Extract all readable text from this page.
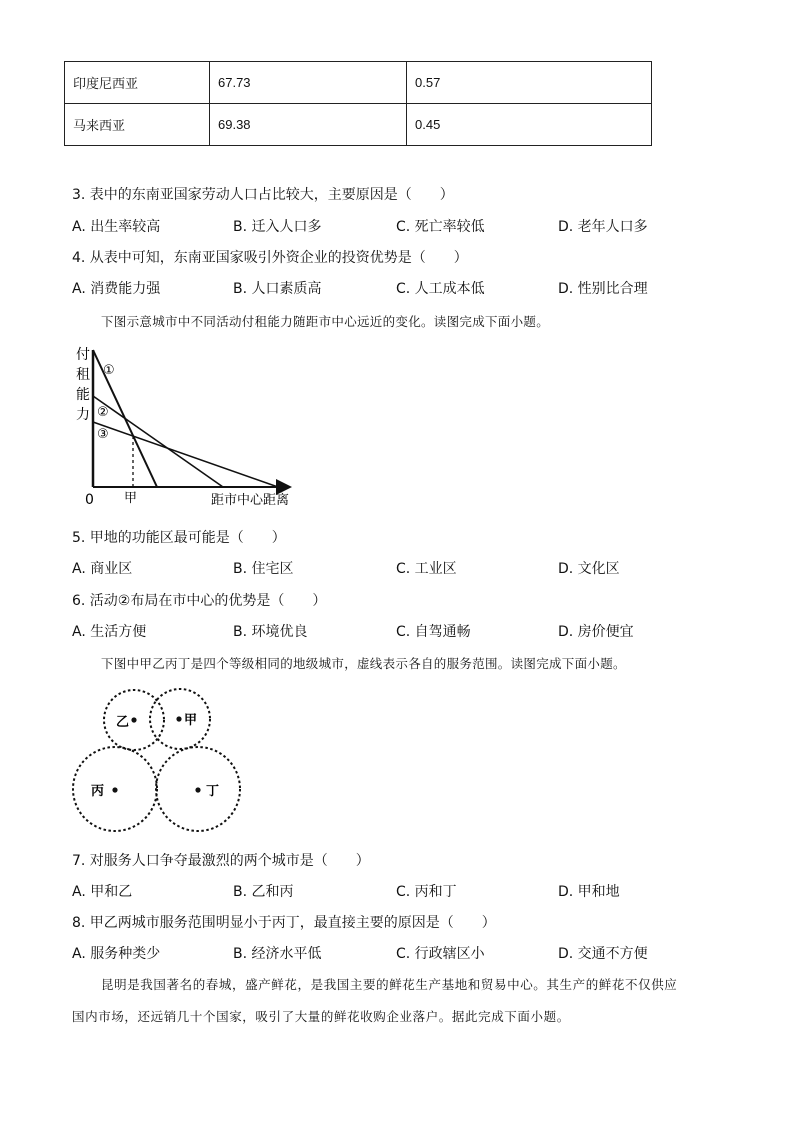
印度尼西亚	67.73	0.57
马来西亚	69.38	0.45
3. 表中的东南亚国家劳动人口占比较大，主要原因是（　　）
A. 出生率较高	B. 迁入人口多	C. 死亡率较低	D. 老年人口多
4. 从表中可知，东南亚国家吸引外资企业的投资优势是（　　）
A. 消费能力强	B. 人口素质高	C. 人工成本低	D. 性别比合理
下图示意城市中不同活动付租能力随距市中心远近的变化。读图完成下面小题。
付
租
能
力
①
②
③
0 甲	距市中心距离
5. 甲地的功能区最可能是（　　）
A. 商业区	B. 住宅区	C. 工业区	D. 文化区
6. 活动②布局在市中心的优势是（　　）
A. 生活方便	B. 环境优良	C. 自驾通畅	D. 房价便宜
下图中甲乙丙丁是四个等级相同的地级城市，虚线表示各自的服务范围。读图完成下面小题。
乙	甲
丙	丁
7. 对服务人口争夺最激烈的两个城市是（　　）
A. 甲和乙	B. 乙和丙	C. 丙和丁	D. 甲和地
8. 甲乙两城市服务范围明显小于丙丁，最直接主要的原因是（　　）
A. 服务种类少	B. 经济水平低	C. 行政辖区小	D. 交通不方便
昆明是我国著名的春城，盛产鲜花，是我国主要的鲜花生产基地和贸易中心。其生产的鲜花不仅供应
国内市场，还远销几十个国家，吸引了大量的鲜花收购企业落户。据此完成下面小题。
